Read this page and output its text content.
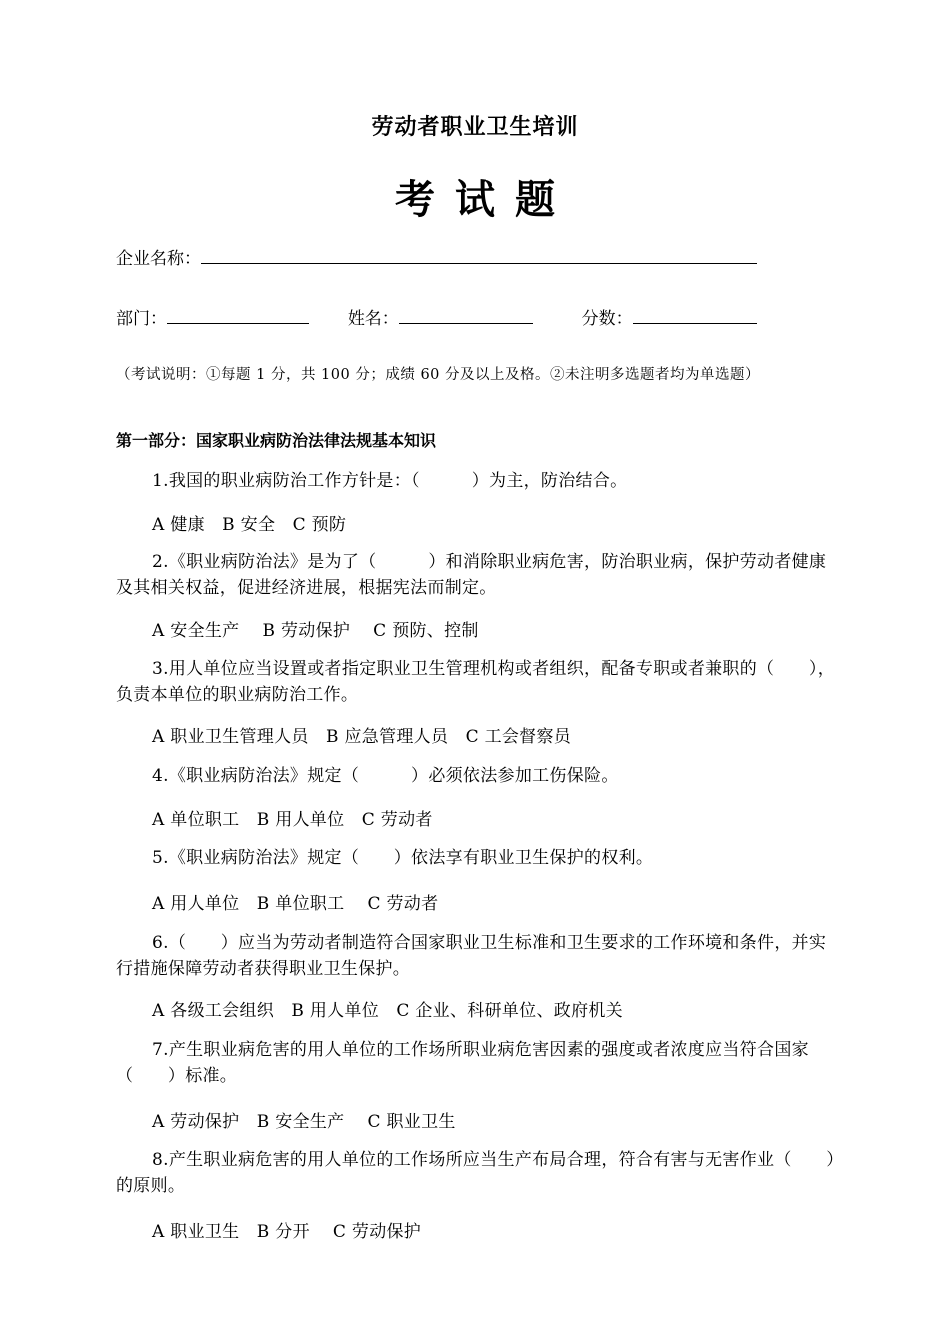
劳动者职业卫生培训
考试题
企业名称：
部门：	姓名：	分数：
（考试说明：①每题 1 分，共 100 分；成绩 60 分及以上及格。②未注明多选题者均为单选题）
第一部分：国家职业病防治法律法规基本知识
1.我国的职业病防治工作方针是：（　　　）为主，防治结合。
A 健康　B 安全　C 预防
2.《职业病防治法》是为了（　　　）和消除职业病危害，防治职业病，保护劳动者健康及其相关权益，促进经济进展，根据宪法而制定。
A 安全生产　 B 劳动保护　 C 预防、控制
3.用人单位应当设置或者指定职业卫生管理机构或者组织，配备专职或者兼职的（　　），负责本单位的职业病防治工作。
A 职业卫生管理人员　B 应急管理人员　C 工会督察员
4.《职业病防治法》规定（　　　）必须依法参加工伤保险。
A 单位职工　B 用人单位　C 劳动者
5.《职业病防治法》规定（　　）依法享有职业卫生保护的权利。
A 用人单位　B 单位职工　 C 劳动者
6.（　　）应当为劳动者制造符合国家职业卫生标准和卫生要求的工作环境和条件，并实行措施保障劳动者获得职业卫生保护。
A 各级工会组织　B 用人单位　C 企业、科研单位、政府机关
7.产生职业病危害的用人单位的工作场所职业病危害因素的强度或者浓度应当符合国家（　　）标准。
A 劳动保护　B 安全生产　 C 职业卫生
8.产生职业病危害的用人单位的工作场所应当生产布局合理，符合有害与无害作业（　　）的原则。
A 职业卫生　B 分开　 C 劳动保护
